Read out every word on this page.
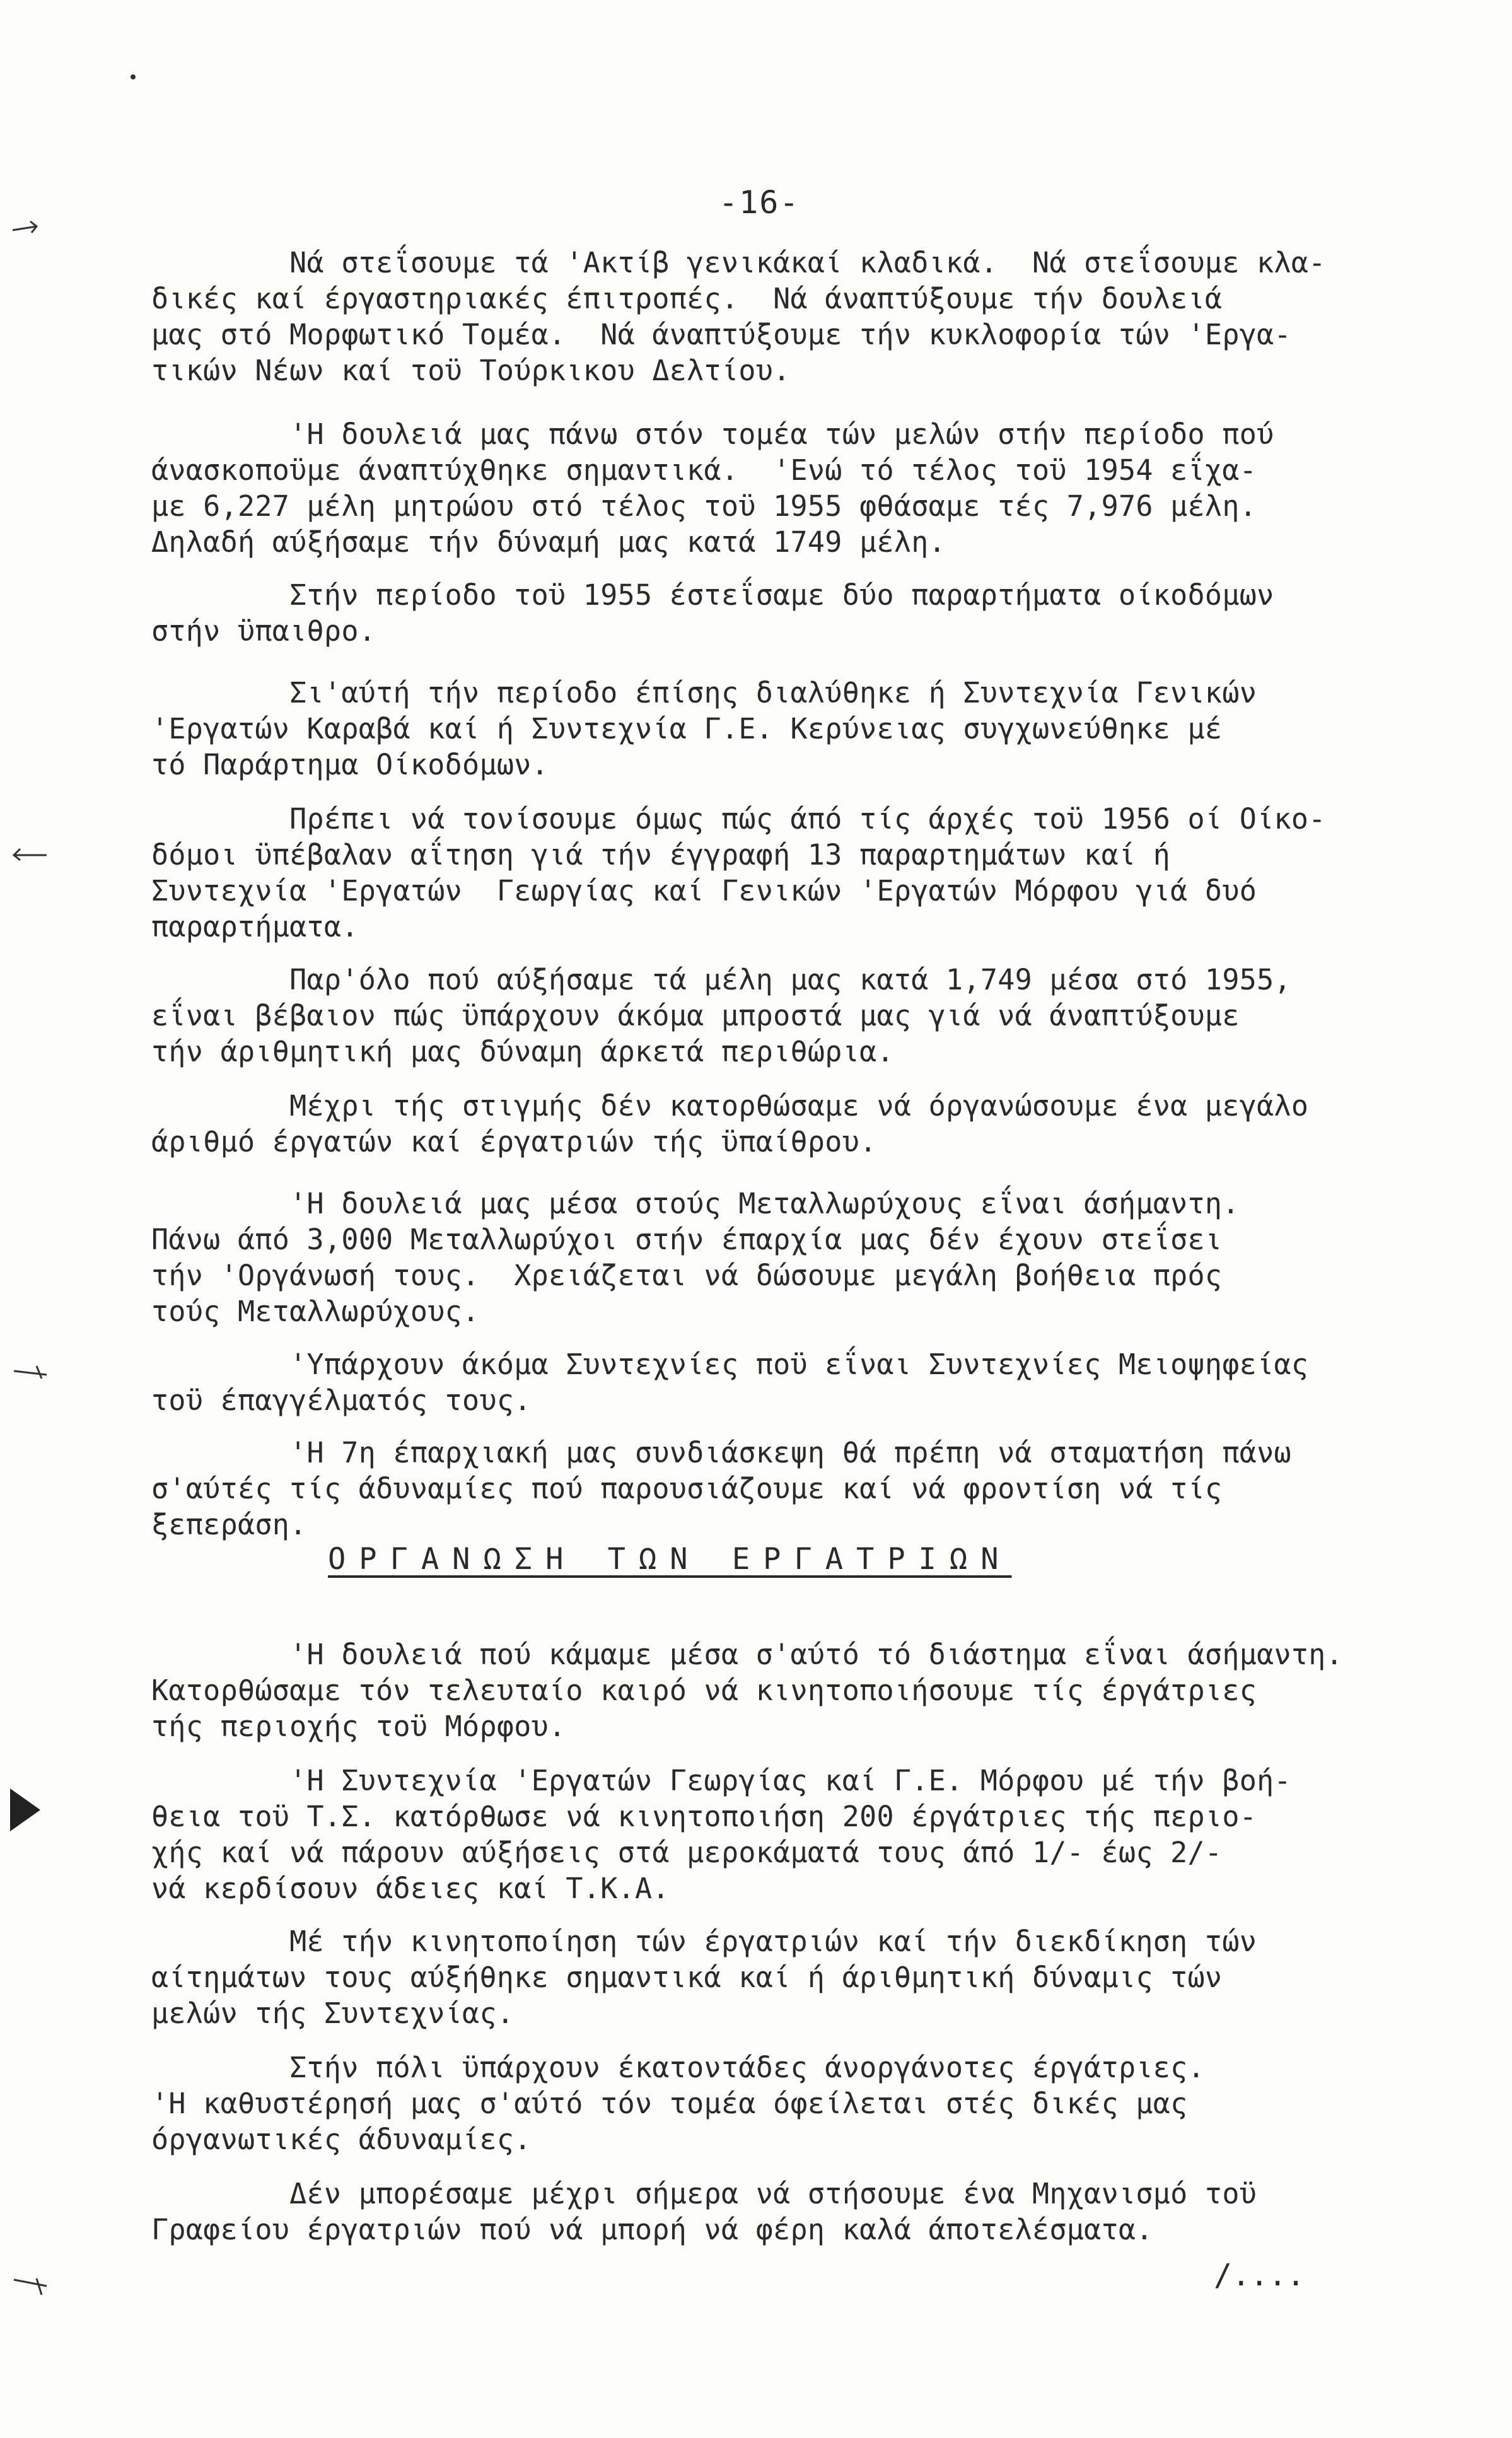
-16-

Νά στεΐσουμε τά 'Ακτίβ γενικάκαί κλαδικά.  Νά στεΐσουμε κλα-
δικές καί έργαστηριακές έπιτροπές.  Νά άναπτύξουμε τήν δουλειά
μας στό Μορφωτικό Τομέα.  Νά άναπτύξουμε τήν κυκλοφορία τών 'Εργα-
τικών Νέων καί τοϋ Τούρκικου Δελτίου.

'Η δουλειά μας πάνω στόν τομέα τών μελών στήν περίοδο πού
άνασκοποϋμε άναπτύχθηκε σημαντικά.  'Ενώ τό τέλος τοϋ 1954 εΐχα-
με 6,227 μέλη μητρώου στό τέλος τοϋ 1955 φθάσαμε τές 7,976 μέλη.
Δηλαδή αύξήσαμε τήν δύναμή μας κατά 1749 μέλη.

Στήν περίοδο τοϋ 1955 έστεΐσαμε δύο παραρτήματα οίκοδόμων
στήν ϋπαιθρο.

Σι'αύτή τήν περίοδο έπίσης διαλύθηκε ή Συντεχνία Γενικών
'Εργατών Καραβά καί ή Συντεχνία Γ.Ε. Κερύνειας συγχωνεύθηκε μέ
τό Παράρτημα Οίκοδόμων.

Πρέπει νά τονίσουμε όμως πώς άπό τίς άρχές τοϋ 1956 οί Οίκο-
δόμοι ϋπέβαλαν αΐτηση γιά τήν έγγραφή 13 παραρτημάτων καί ή
Συντεχνία 'Εργατών  Γεωργίας καί Γενικών 'Εργατών Μόρφου γιά δυό
παραρτήματα.

Παρ'όλο πού αύξήσαμε τά μέλη μας κατά 1,749 μέσα στό 1955,
εΐναι βέβαιον πώς ϋπάρχουν άκόμα μπροστά μας γιά νά άναπτύξουμε
τήν άριθμητική μας δύναμη άρκετά περιθώρια.

Μέχρι τής στιγμής δέν κατορθώσαμε νά όργανώσουμε ένα μεγάλο
άριθμό έργατών καί έργατριών τής ϋπαίθρου.

'Η δουλειά μας μέσα στούς Μεταλλωρύχους εΐναι άσήμαντη.
Πάνω άπό 3,000 Μεταλλωρύχοι στήν έπαρχία μας δέν έχουν στεΐσει
τήν 'Οργάνωσή τους.  Χρειάζεται νά δώσουμε μεγάλη βοήθεια πρός
τούς Μεταλλωρύχους.

'Υπάρχουν άκόμα Συντεχνίες ποϋ εΐναι Συντεχνίες Μειοψηφείας
τοϋ έπαγγέλματός τους.

'Η 7η έπαρχιακή μας συνδιάσκεψη θά πρέπη νά σταματήση πάνω
σ'αύτές τίς άδυναμίες πού παρουσιάζουμε καί νά φροντίση νά τίς
ξεπεράση.

ΟΡΓΑΝΩΣΗ ΤΩΝ ΕΡΓΑΤΡΙΩΝ

'Η δουλειά πού κάμαμε μέσα σ'αύτό τό διάστημα εΐναι άσήμαντη.
Κατορθώσαμε τόν τελευταίο καιρό νά κινητοποιήσουμε τίς έργάτριες
τής περιοχής τοϋ Μόρφου.

'Η Συντεχνία 'Εργατών Γεωργίας καί Γ.Ε. Μόρφου μέ τήν βοή-
θεια τοϋ Τ.Σ. κατόρθωσε νά κινητοποιήση 200 έργάτριες τής περιο-
χής καί νά πάρουν αύξήσεις στά μεροκάματά τους άπό 1/- έως 2/-
νά κερδίσουν άδειες καί Τ.Κ.Α.

Μέ τήν κινητοποίηση τών έργατριών καί τήν διεκδίκηση τών
αίτημάτων τους αύξήθηκε σημαντικά καί ή άριθμητική δύναμις τών
μελών τής Συντεχνίας.

Στήν πόλι ϋπάρχουν έκατοντάδες άνοργάνοτες έργάτριες.
'Η καθυστέρησή μας σ'αύτό τόν τομέα όφείλεται στές δικές μας
όργανωτικές άδυναμίες.

Δέν μπορέσαμε μέχρι σήμερα νά στήσουμε ένα Μηχανισμό τοϋ
Γραφείου έργατριών πού νά μπορή νά φέρη καλά άποτελέσματα.

/....
